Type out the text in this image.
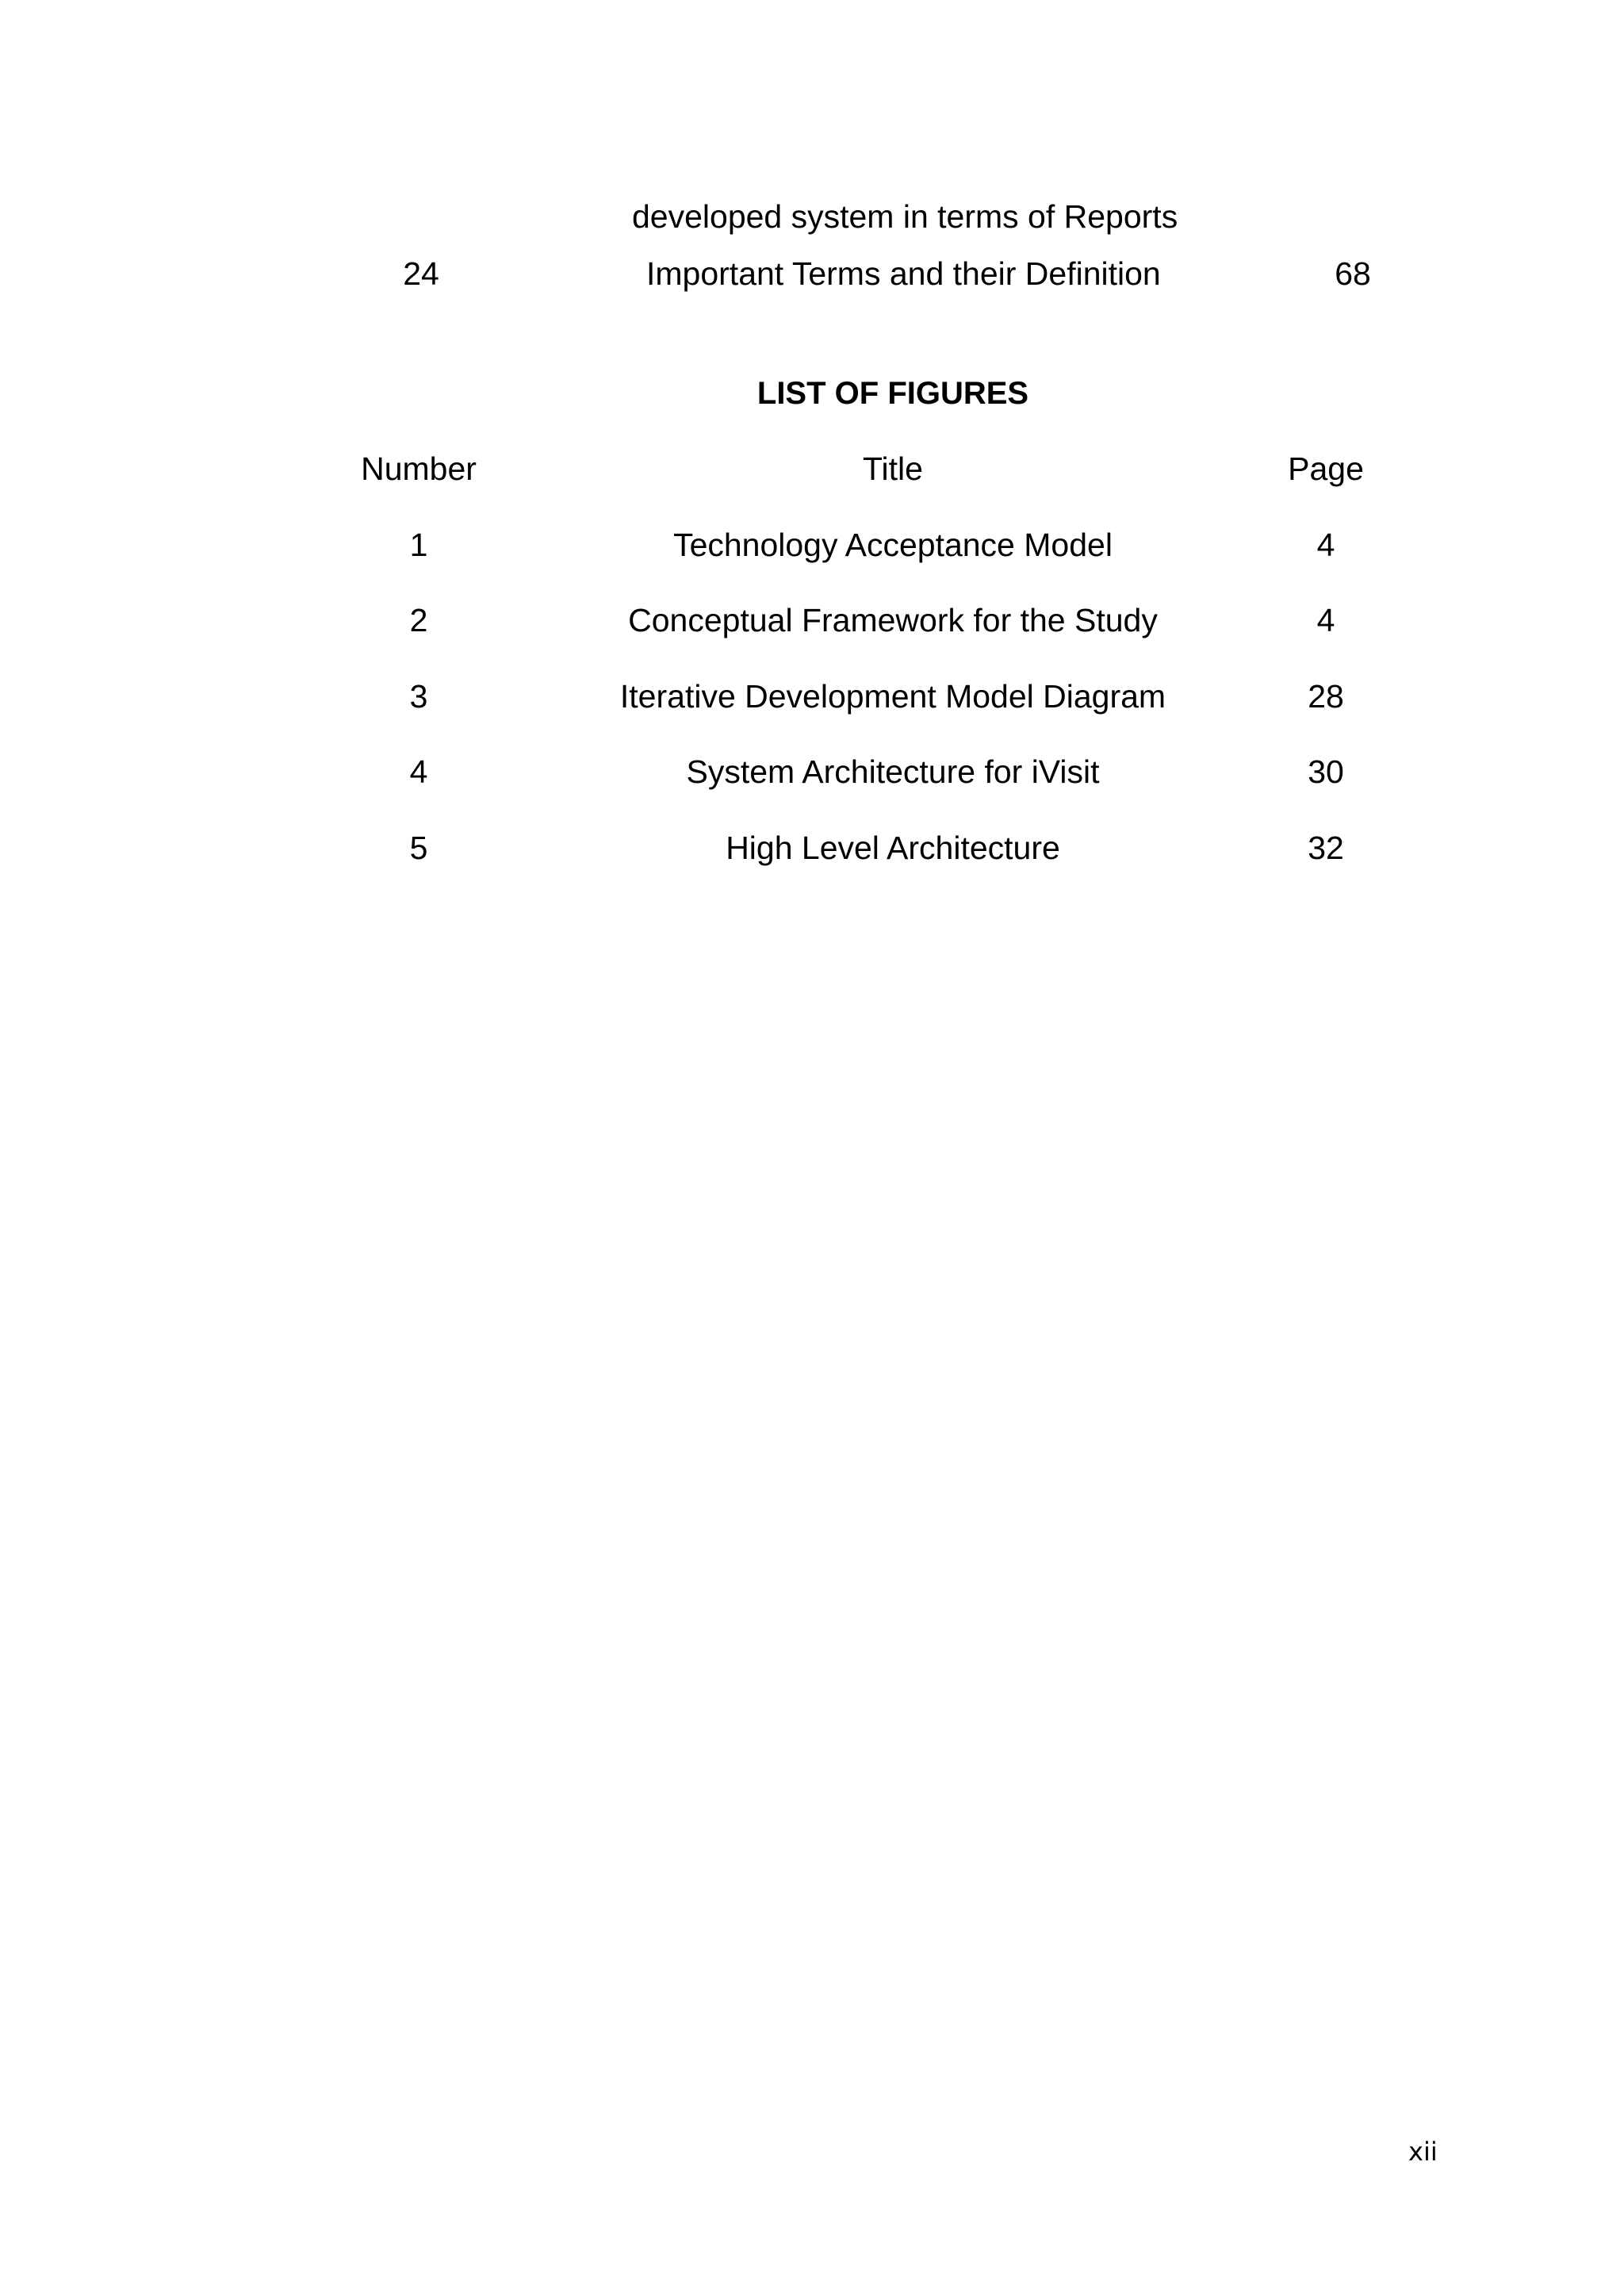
developed system in terms of Reports
24	Important Terms and their Definition	68
LIST OF FIGURES
Number	Title	Page
1	Technology Acceptance Model	4
2	Conceptual Framework for the Study	4
3	Iterative Development Model Diagram	28
4	System Architecture for iVisit	30
5	High Level Architecture	32
xii
